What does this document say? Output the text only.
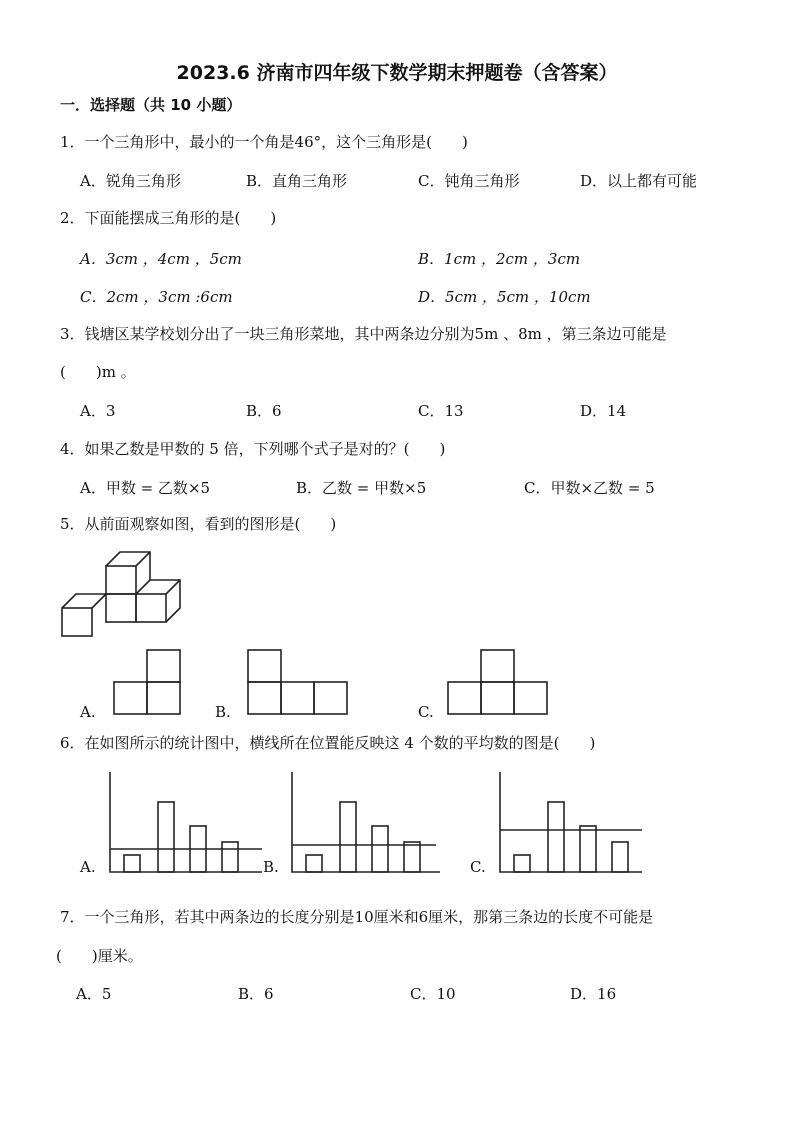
2023.6 济南市四年级下数学期末押题卷（含答案）
一．选择题（共 10 小题）
1．一个三角形中，最小的一个角是46°，这个三角形是(　　)
A．锐角三角形	B．直角三角形	C．钝角三角形	D．以上都有可能
2．下面能摆成三角形的是(　　)
A．3cm ，4cm ，5cm	B．1cm ，2cm ，3cm
C．2cm ，3cm :6cm	D．5cm ，5cm ，10cm
3．钱塘区某学校划分出了一块三角形菜地，其中两条边分别为5m 、8m ，第三条边可能是
(　　)m 。
A．3	B．6	C．13	D．14
4．如果乙数是甲数的 5 倍，下列哪个式子是对的？(　　)
A．甲数 = 乙数×5	B．乙数 = 甲数×5	C．甲数×乙数 = 5
5．从前面观察如图，看到的图形是(　　)
A.	B.	C.
6．在如图所示的统计图中，横线所在位置能反映这 4 个数的平均数的图是(　　)
A.	B.	C.
7．一个三角形，若其中两条边的长度分别是10厘米和6厘米，那第三条边的长度不可能是
(　　)厘米。
A．5	B．6	C．10	D．16
